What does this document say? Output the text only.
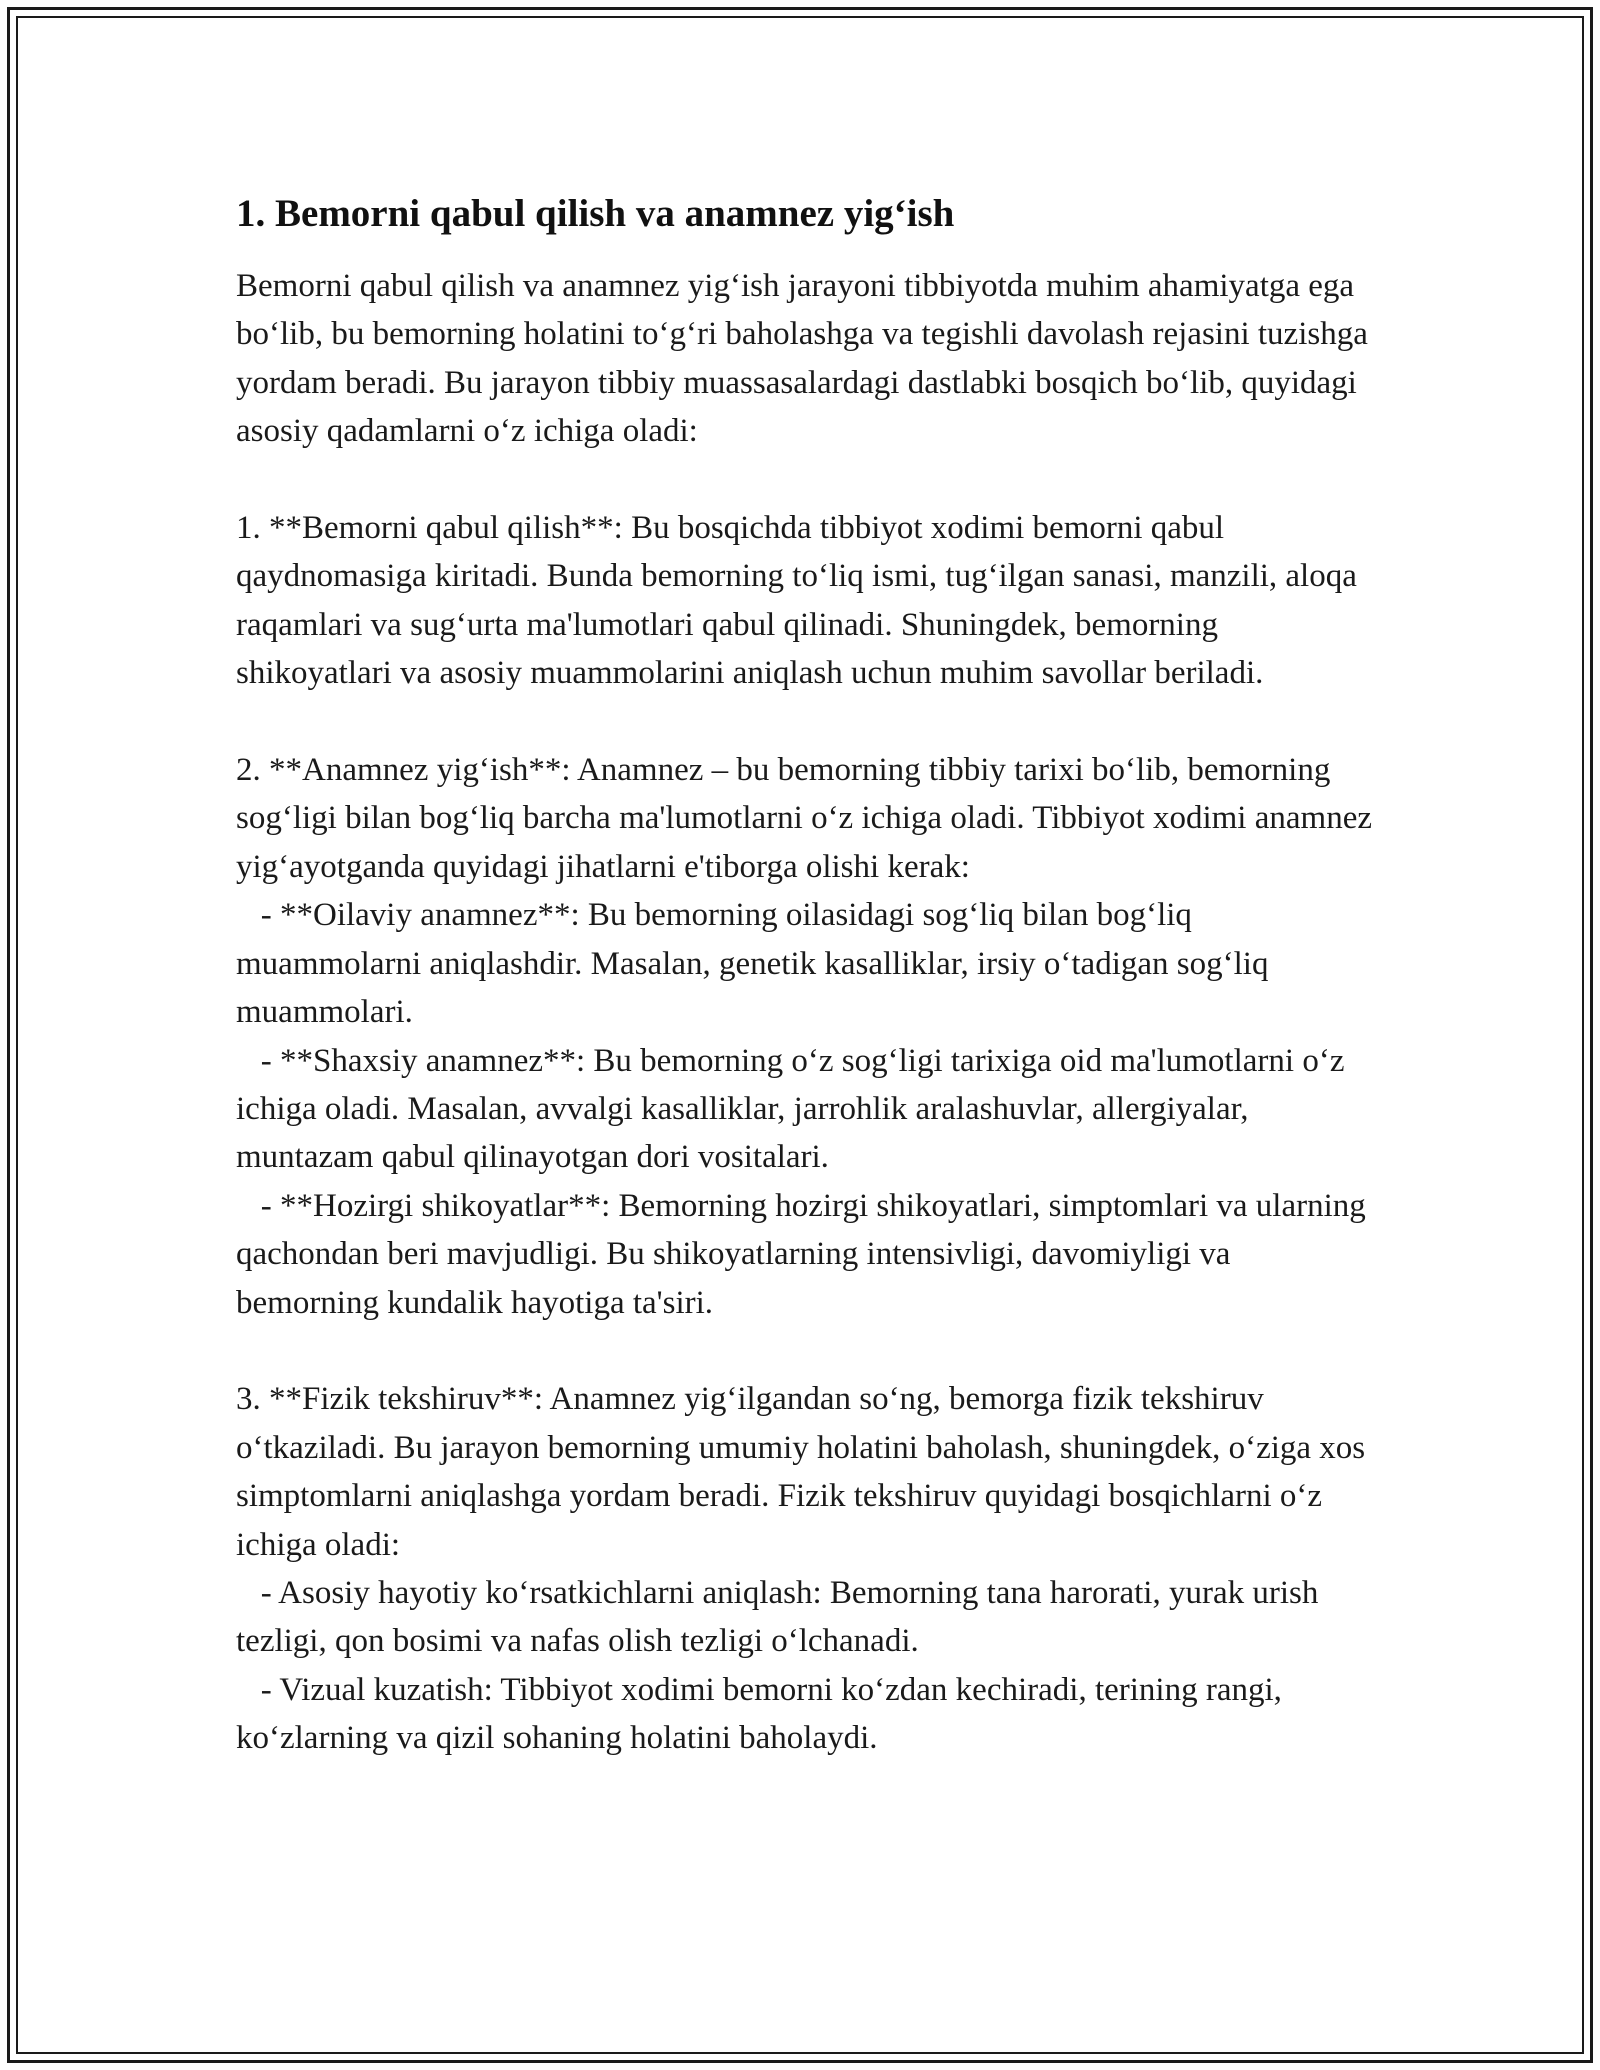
1. Bemorni qabul qilish va anamnez yig‘ish
Bemorni qabul qilish va anamnez yig‘ish jarayoni tibbiyotda muhim ahamiyatga ega bo‘lib, bu bemorning holatini to‘g‘ri baholashga va tegishli davolash rejasini tuzishga yordam beradi. Bu jarayon tibbiy muassasalardagi dastlabki bosqich bo‘lib, quyidagi asosiy qadamlarni o‘z ichiga oladi:

1. **Bemorni qabul qilish**: Bu bosqichda tibbiyot xodimi bemorni qabul qaydnomasiga kiritadi. Bunda bemorning to‘liq ismi, tug‘ilgan sanasi, manzili, aloqa raqamlari va sug‘urta ma'lumotlari qabul qilinadi. Shuningdek, bemorning shikoyatlari va asosiy muammolarini aniqlash uchun muhim savollar beriladi.

2. **Anamnez yig‘ish**: Anamnez – bu bemorning tibbiy tarixi bo‘lib, bemorning sog‘ligi bilan bog‘liq barcha ma'lumotlarni o‘z ichiga oladi. Tibbiyot xodimi anamnez yig‘ayotganda quyidagi jihatlarni e'tiborga olishi kerak:
- **Oilaviy anamnez**: Bu bemorning oilasidagi sog‘liq bilan bog‘liq muammolarni aniqlashdir. Masalan, genetik kasalliklar, irsiy o‘tadigan sog‘liq muammolari.
- **Shaxsiy anamnez**: Bu bemorning o‘z sog‘ligi tarixiga oid ma'lumotlarni o‘z ichiga oladi. Masalan, avvalgi kasalliklar, jarrohlik aralashuvlar, allergiyalar, muntazam qabul qilinayotgan dori vositalari.
- **Hozirgi shikoyatlar**: Bemorning hozirgi shikoyatlari, simptomlari va ularning qachondan beri mavjudligi. Bu shikoyatlarning intensivligi, davomiyligi va bemorning kundalik hayotiga ta'siri.

3. **Fizik tekshiruv**: Anamnez yig‘ilgandan so‘ng, bemorga fizik tekshiruv o‘tkaziladi. Bu jarayon bemorning umumiy holatini baholash, shuningdek, o‘ziga xos simptomlarni aniqlashga yordam beradi. Fizik tekshiruv quyidagi bosqichlarni o‘z ichiga oladi:
- Asosiy hayotiy ko‘rsatkichlarni aniqlash: Bemorning tana harorati, yurak urish tezligi, qon bosimi va nafas olish tezligi o‘lchanadi.
- Vizual kuzatish: Tibbiyot xodimi bemorni ko‘zdan kechiradi, terining rangi, ko‘zlarning va qizil sohaning holatini baholaydi.
